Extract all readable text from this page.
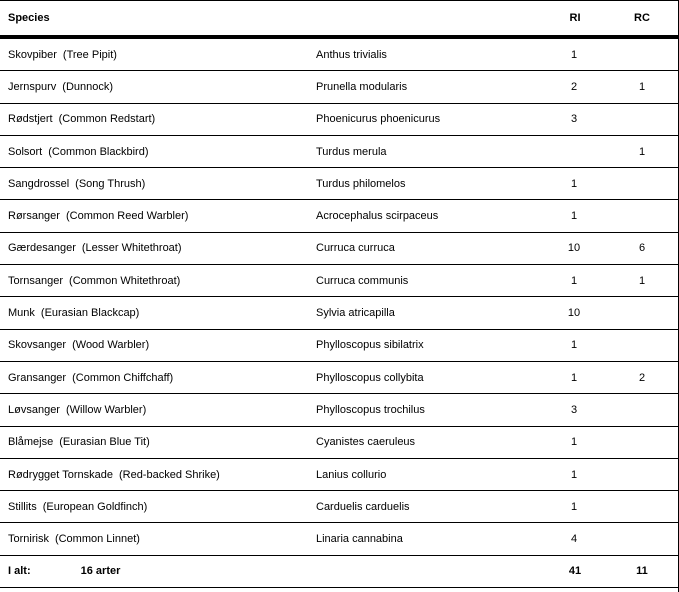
Species		RI	RC
Skovpiber (Tree Pipit)	Anthus trivialis	1	
Jernspurv (Dunnock)	Prunella modularis	2	1
Rødstjert (Common Redstart)	Phoenicurus phoenicurus	3	
Solsort (Common Blackbird)	Turdus merula		1
Sangdrossel (Song Thrush)	Turdus philomelos	1	
Rørsanger (Common Reed Warbler)	Acrocephalus scirpaceus	1	
Gærdesanger (Lesser Whitethroat)	Curruca curruca	10	6
Tornsanger (Common Whitethroat)	Curruca communis	1	1
Munk (Eurasian Blackcap)	Sylvia atricapilla	10	
Skovsanger (Wood Warbler)	Phylloscopus sibilatrix	1	
Gransanger (Common Chiffchaff)	Phylloscopus collybita	1	2
Løvsanger (Willow Warbler)	Phylloscopus trochilus	3	
Blåmejse (Eurasian Blue Tit)	Cyanistes caeruleus	1	
Rødrygget Tornskade (Red-backed Shrike)	Lanius collurio	1	
Stillits (European Goldfinch)	Carduelis carduelis	1	
Tornirisk (Common Linnet)	Linaria cannabina	4	
I alt: 16 arter		41	11
